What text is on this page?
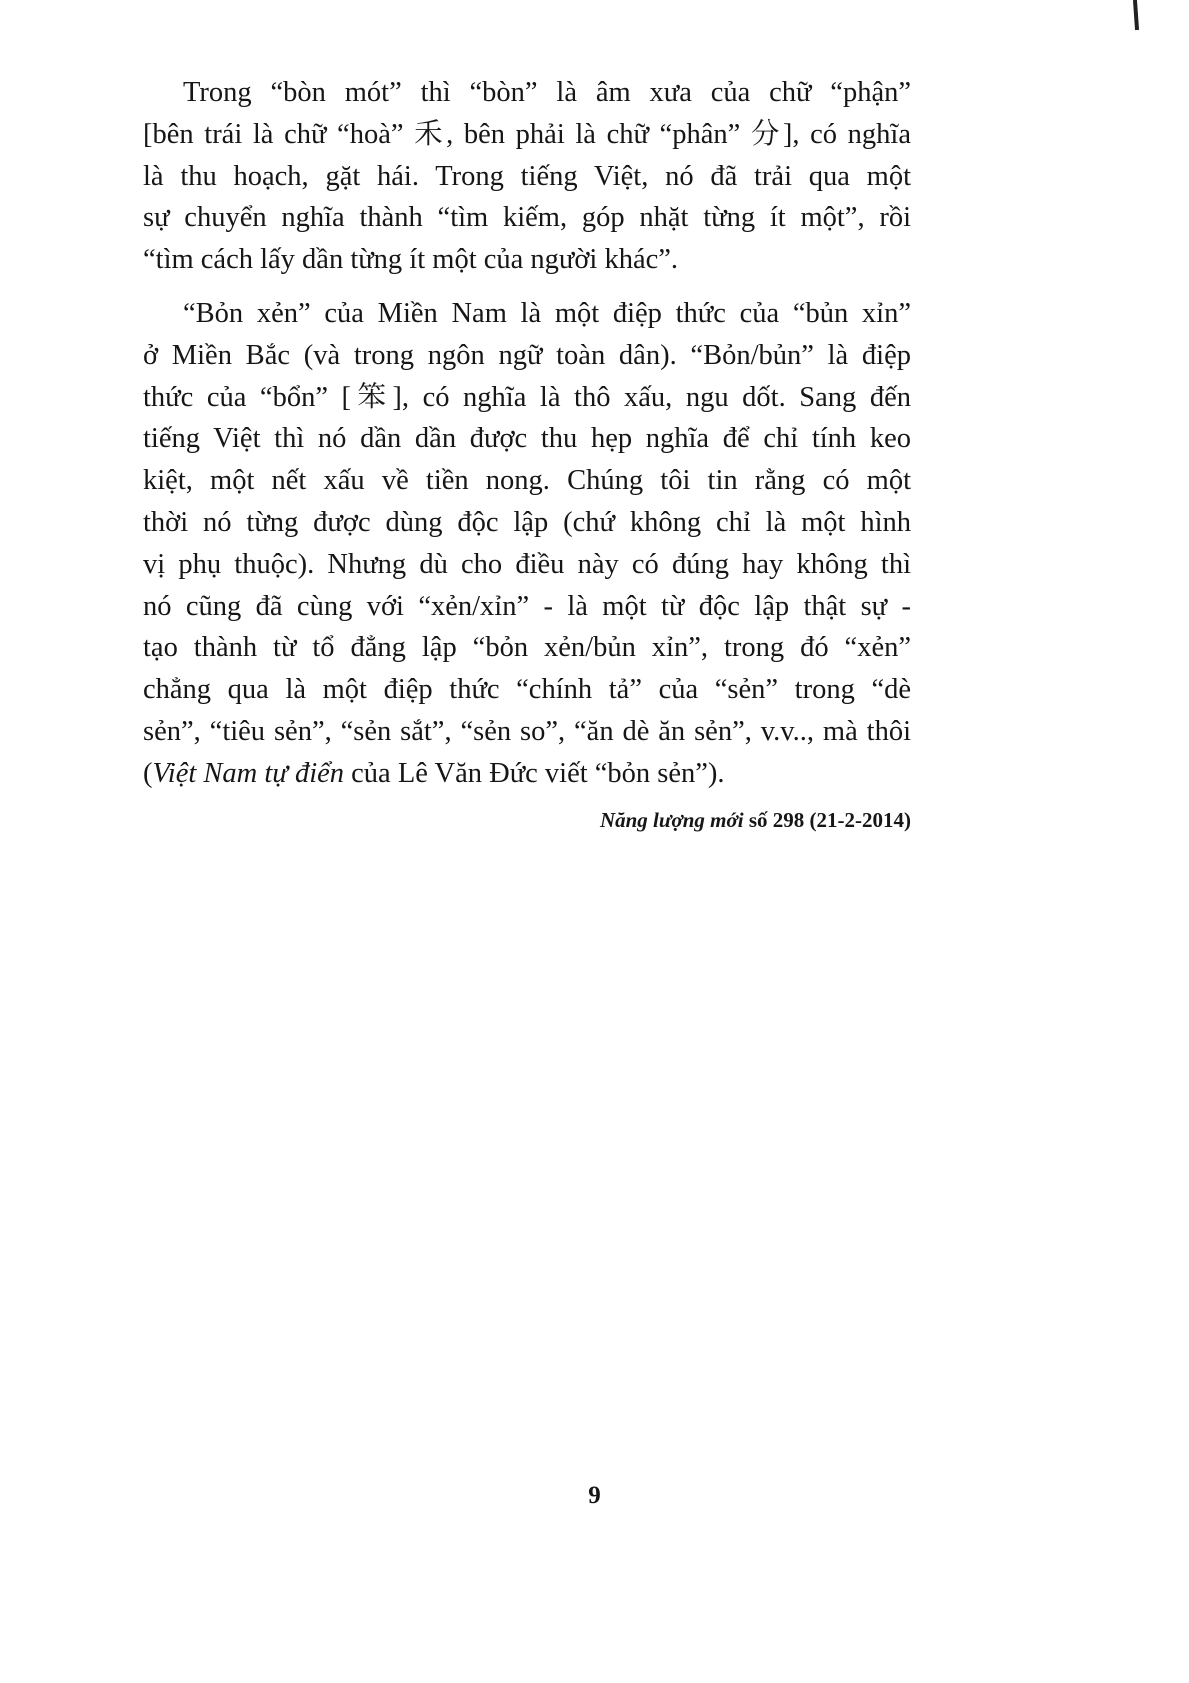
Trong “bòn mót” thì “bòn” là âm xưa của chữ “phận”
[bên trái là chữ “hoà” 禾, bên phải là chữ “phân” 分], có nghĩa
là thu hoạch, gặt hái. Trong tiếng Việt, nó đã trải qua một
sự chuyển nghĩa thành “tìm kiếm, góp nhặt từng ít một”, rồi
“tìm cách lấy dần từng ít một của người khác”.
“Bỏn xẻn” của Miền Nam là một điệp thức của “bủn xỉn”
ở Miền Bắc (và trong ngôn ngữ toàn dân). “Bỏn/bủn” là điệp
thức của “bổn” [笨], có nghĩa là thô xấu, ngu dốt. Sang đến
tiếng Việt thì nó dần dần được thu hẹp nghĩa để chỉ tính keo
kiệt, một nết xấu về tiền nong. Chúng tôi tin rằng có một
thời nó từng được dùng độc lập (chứ không chỉ là một hình
vị phụ thuộc). Nhưng dù cho điều này có đúng hay không thì
nó cũng đã cùng với “xẻn/xỉn” - là một từ độc lập thật sự -
tạo thành từ tổ đẳng lập “bỏn xẻn/bủn xỉn”, trong đó “xẻn”
chẳng qua là một điệp thức “chính tả” của “sẻn” trong “dè
sẻn”, “tiêu sẻn”, “sẻn sắt”, “sẻn so”, “ăn dè ăn sẻn”, v.v.., mà thôi
(Việt Nam tự điển của Lê Văn Đức viết “bỏn sẻn”).
Năng lượng mới số 298 (21-2-2014)
9
